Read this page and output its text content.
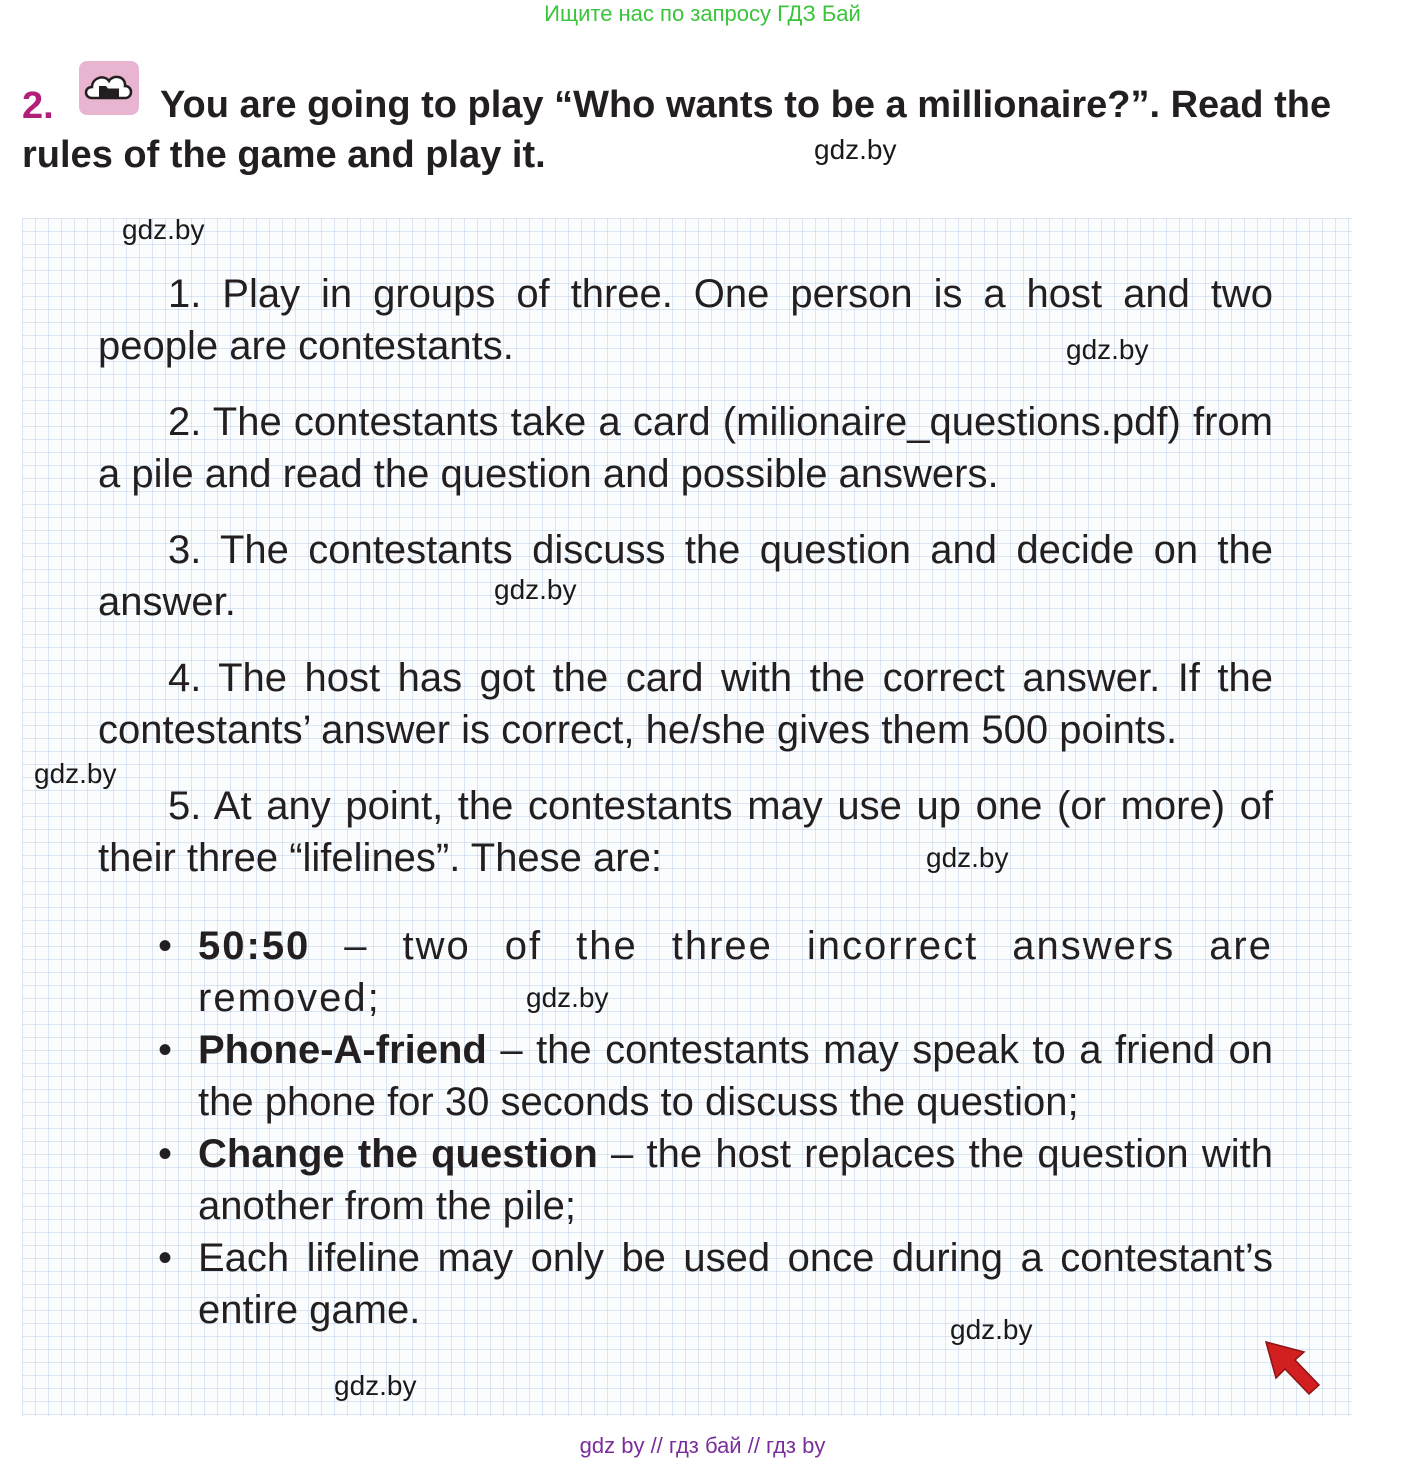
Ищите нас по запросу ГДЗ Бай
2.	You are going to play “Who wants to be a millionaire?”. Read the rules of the game and play it.

1. Play in groups of three. One person is a host and two people are contestants.

2. The contestants take a card (milionaire_questions.pdf) from a pile and read the question and possible answers.

3. The contestants discuss the question and decide on the answer.

4. The host has got the card with the correct answer. If the contestants’ answer is correct, he/she gives them 500 points.

5. At any point, the contestants may use up one (or more) of their three “lifelines”. These are:

• 50:50 – two of the three incorrect answers are removed;
• Phone-A-friend – the contestants may speak to a friend on the phone for 30 seconds to discuss the question;
• Change the question – the host replaces the question with another from the pile;
• Each lifeline may only be used once during a contestant’s entire game.
gdz.by
gdz.by
gdz.by
gdz.by
gdz.by
gdz.by
gdz.by
gdz.by
gdz.by
gdz by // гдз бай // гдз by
